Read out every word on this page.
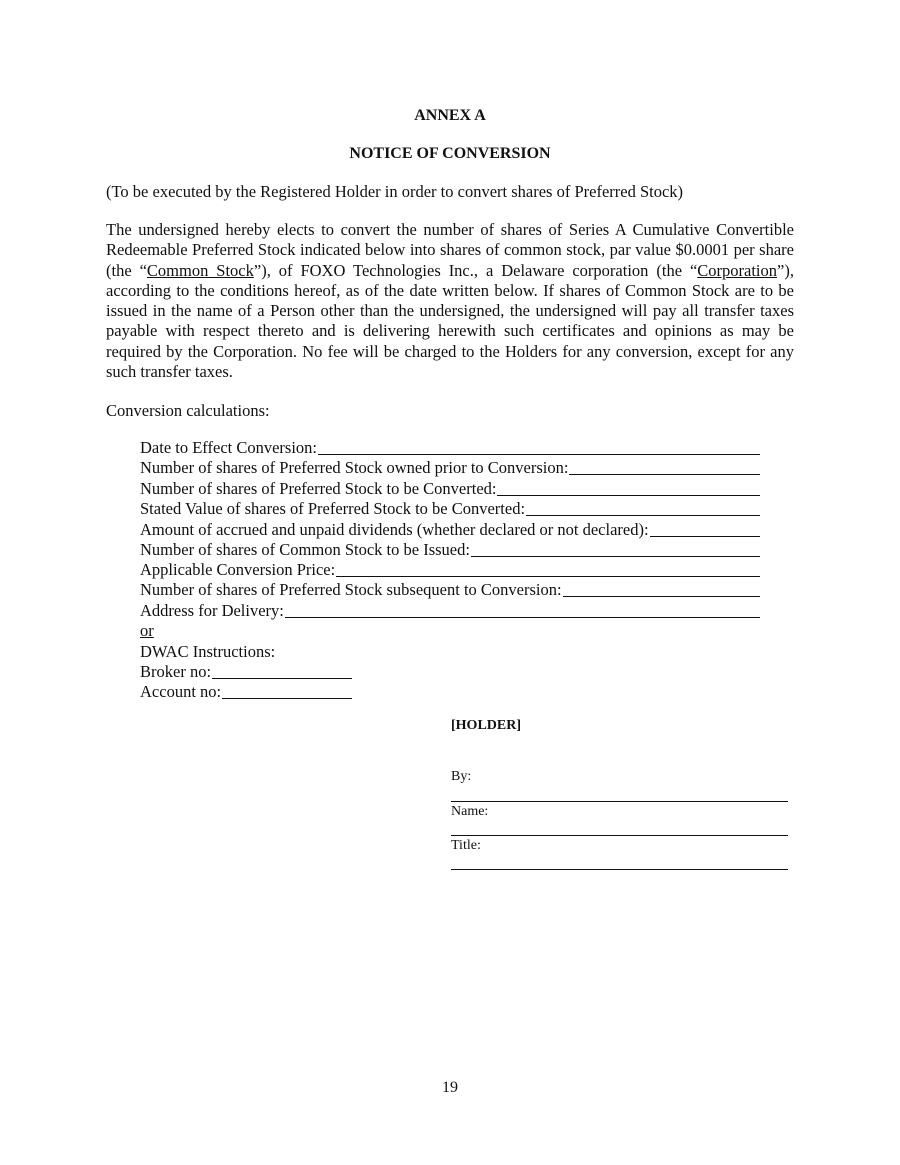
ANNEX A
NOTICE OF CONVERSION
(To be executed by the Registered Holder in order to convert shares of Preferred Stock)
The undersigned hereby elects to convert the number of shares of Series A Cumulative Convertible Redeemable Preferred Stock indicated below into shares of common stock, par value $0.0001 per share (the “Common Stock”), of FOXO Technologies Inc., a Delaware corporation (the “Corporation”), according to the conditions hereof, as of the date written below. If shares of Common Stock are to be issued in the name of a Person other than the undersigned, the undersigned will pay all transfer taxes payable with respect thereto and is delivering herewith such certificates and opinions as may be required by the Corporation. No fee will be charged to the Holders for any conversion, except for any such transfer taxes.
Conversion calculations:
Date to Effect Conversion:
Number of shares of Preferred Stock owned prior to Conversion:
Number of shares of Preferred Stock to be Converted:
Stated Value of shares of Preferred Stock to be Converted:
Amount of accrued and unpaid dividends (whether declared or not declared):
Number of shares of Common Stock to be Issued:
Applicable Conversion Price:
Number of shares of Preferred Stock subsequent to Conversion:
Address for Delivery:
or
DWAC Instructions:
Broker no:
Account no:
[HOLDER]
By:
Name:
Title:
19
